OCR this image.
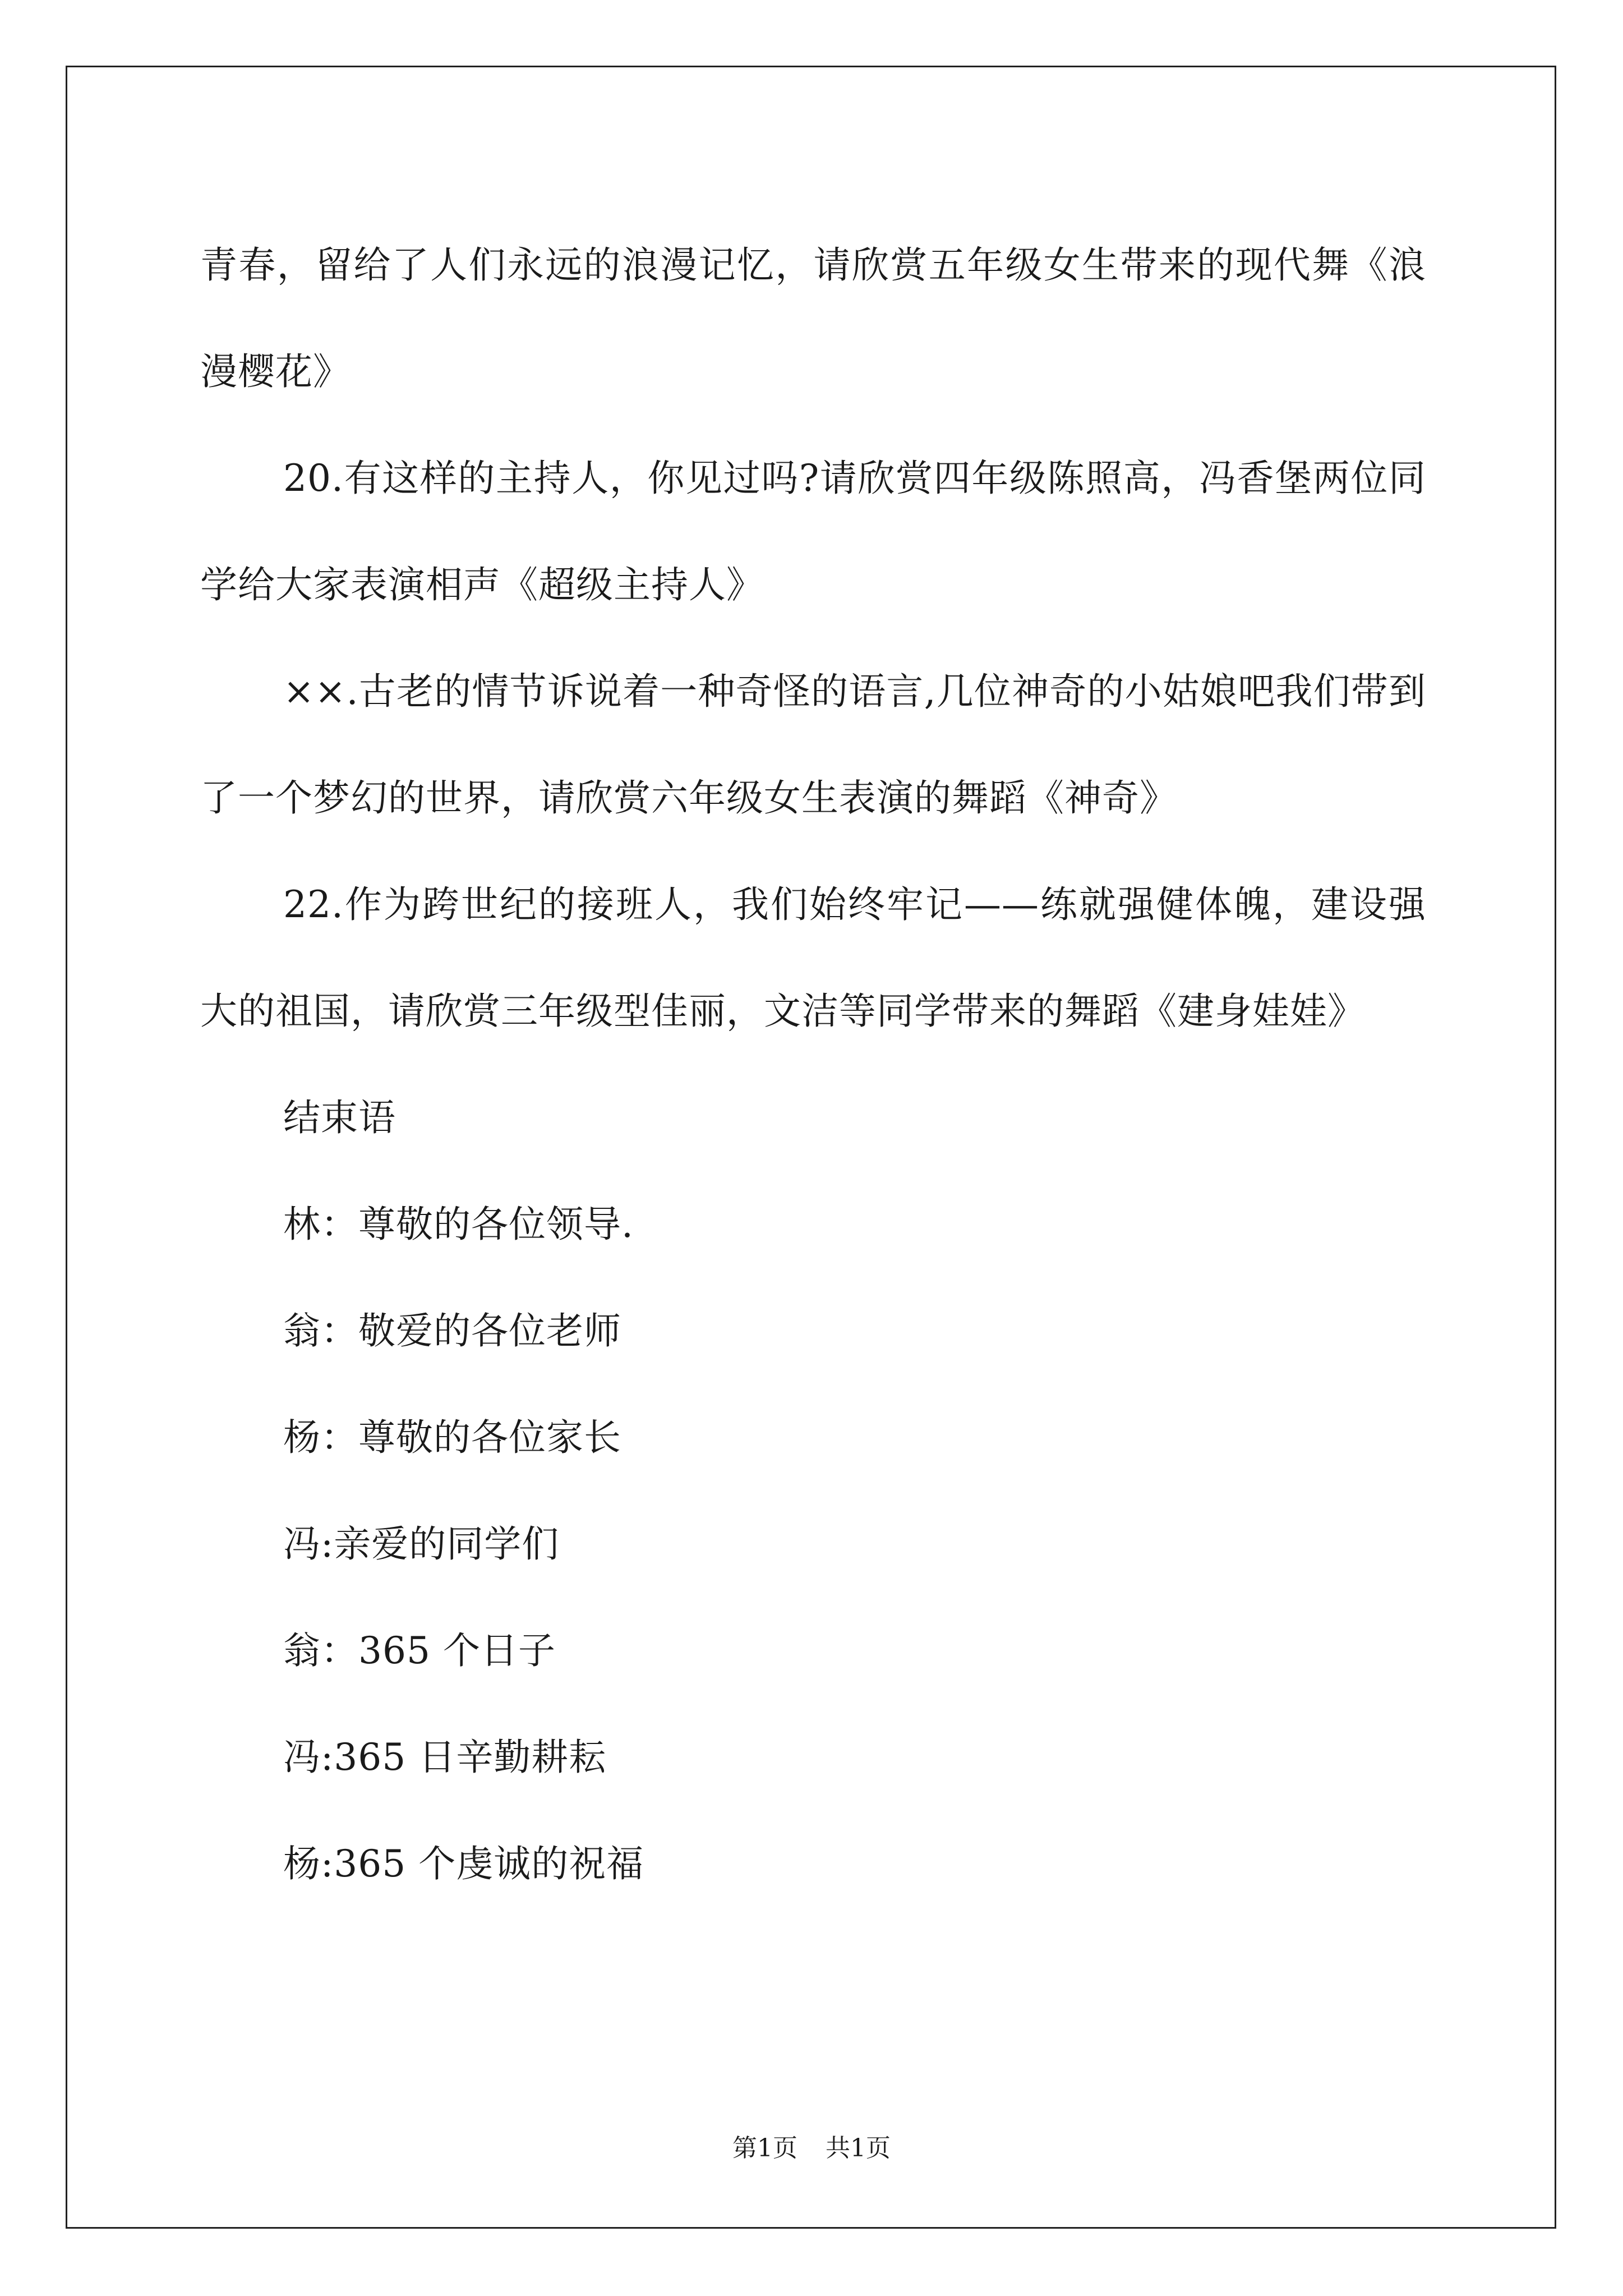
青春，留给了人们永远的浪漫记忆，请欣赏五年级女生带来的现代舞《浪漫樱花》

20.有这样的主持人，你见过吗?请欣赏四年级陈照高，冯香堡两位同学给大家表演相声《超级主持人》

××.古老的情节诉说着一种奇怪的语言,几位神奇的小姑娘吧我们带到了一个梦幻的世界，请欣赏六年级女生表演的舞蹈《神奇》

22.作为跨世纪的接班人，我们始终牢记——练就强健体魄，建设强大的祖国，请欣赏三年级型佳丽，文洁等同学带来的舞蹈《建身娃娃》

结束语

林：尊敬的各位领导.

翁：敬爱的各位老师

杨：尊敬的各位家长

冯:亲爱的同学们

翁：365 个日子

冯:365 日辛勤耕耘

杨:365 个虔诚的祝福

第1页 共1页
